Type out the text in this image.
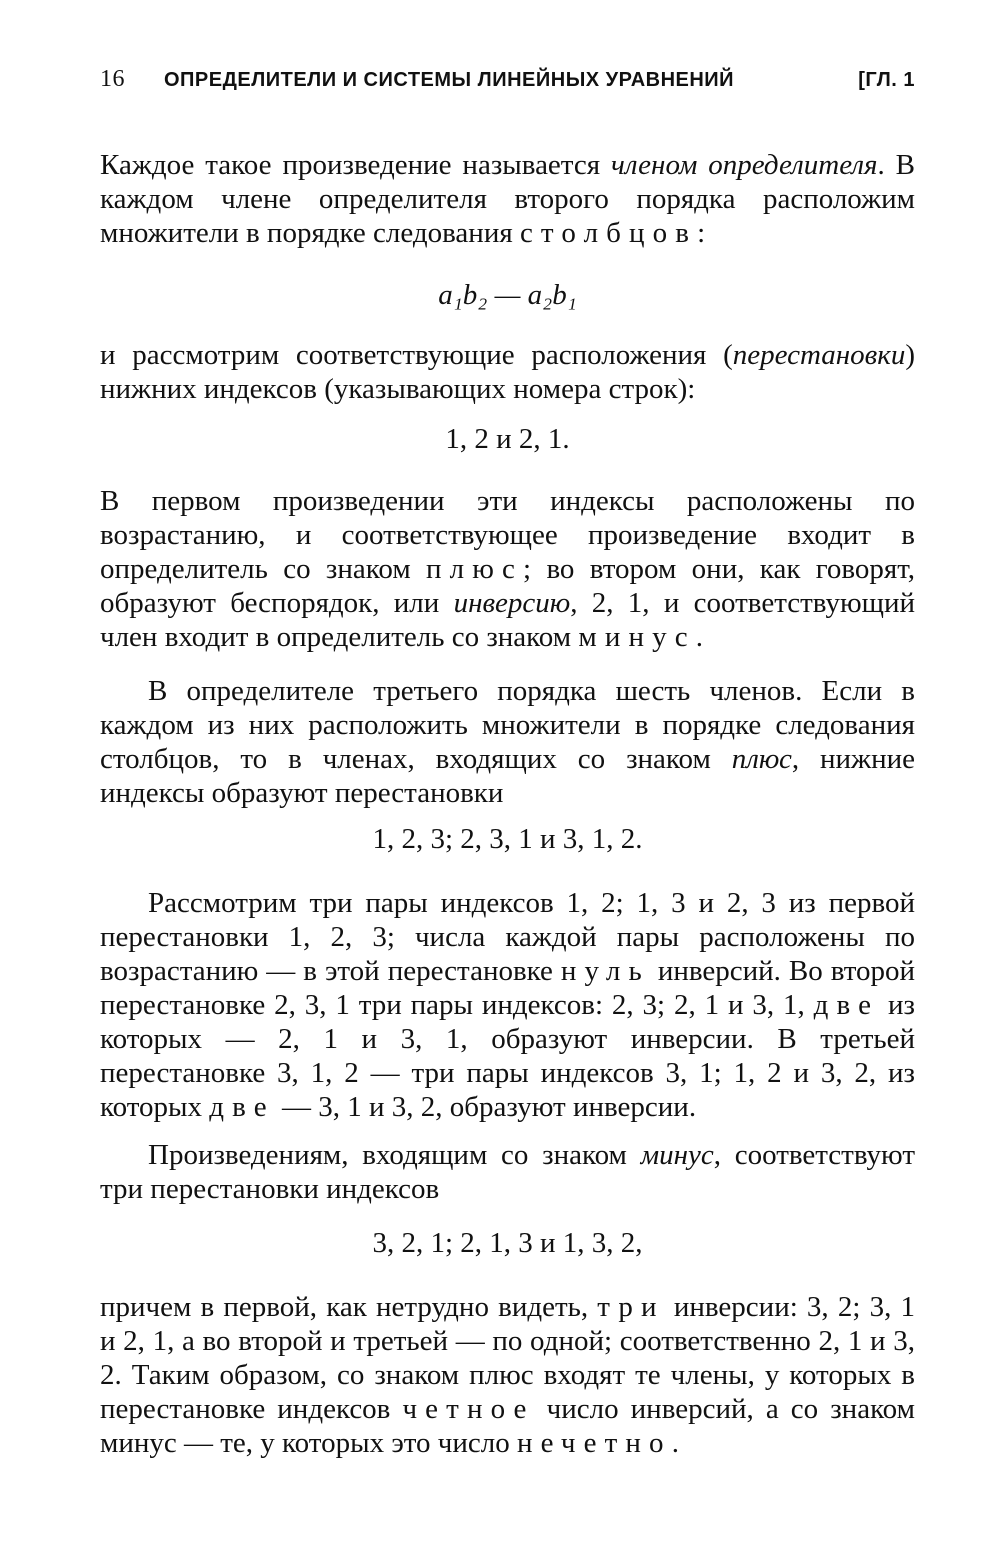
16 ОПРЕДЕЛИТЕЛИ И СИСТЕМЫ ЛИНЕЙНЫХ УРАВНЕНИЙ	[ГЛ. 1
Каждое такое произведение называется членом определителя. В каждом члене определителя второго порядка расположим множители в порядке следования столбцов:
a₁b₂ — a₂b₁
и рассмотрим соответствующие расположения (перестановки) нижних индексов (указывающих номера строк):
1, 2 и 2, 1.
В первом произведении эти индексы расположены по возрастанию, и соответствующее произведение входит в определитель со знаком плюс; во втором они, как говорят, образуют беспорядок, или инверсию, 2, 1, и соответствующий член входит в определитель со знаком минус.
В определителе третьего порядка шесть членов. Если в каждом из них расположить множители в порядке следования столбцов, то в членах, входящих со знаком плюс, нижние индексы образуют перестановки
1, 2, 3; 2, 3, 1 и 3, 1, 2.
Рассмотрим три пары индексов 1, 2; 1, 3 и 2, 3 из первой перестановки 1, 2, 3; числа каждой пары расположены по возрастанию — в этой перестановке нуль инверсий. Во второй перестановке 2, 3, 1 три пары индексов: 2, 3; 2, 1 и 3, 1, две из которых — 2, 1 и 3, 1, образуют инверсии. В третьей перестановке 3, 1, 2 — три пары индексов 3, 1; 1, 2 и 3, 2, из которых две — 3, 1 и 3, 2, образуют инверсии.
Произведениям, входящим со знаком минус, соответствуют три перестановки индексов
3, 2, 1; 2, 1, 3 и 1, 3, 2,
причем в первой, как нетрудно видеть, три инверсии: 3, 2; 3, 1 и 2, 1, а во второй и третьей — по одной; соответственно 2, 1 и 3, 2. Таким образом, со знаком плюс входят те члены, у которых в перестановке индексов четное число инверсий, а со знаком минус — те, у которых это число нечетно.
